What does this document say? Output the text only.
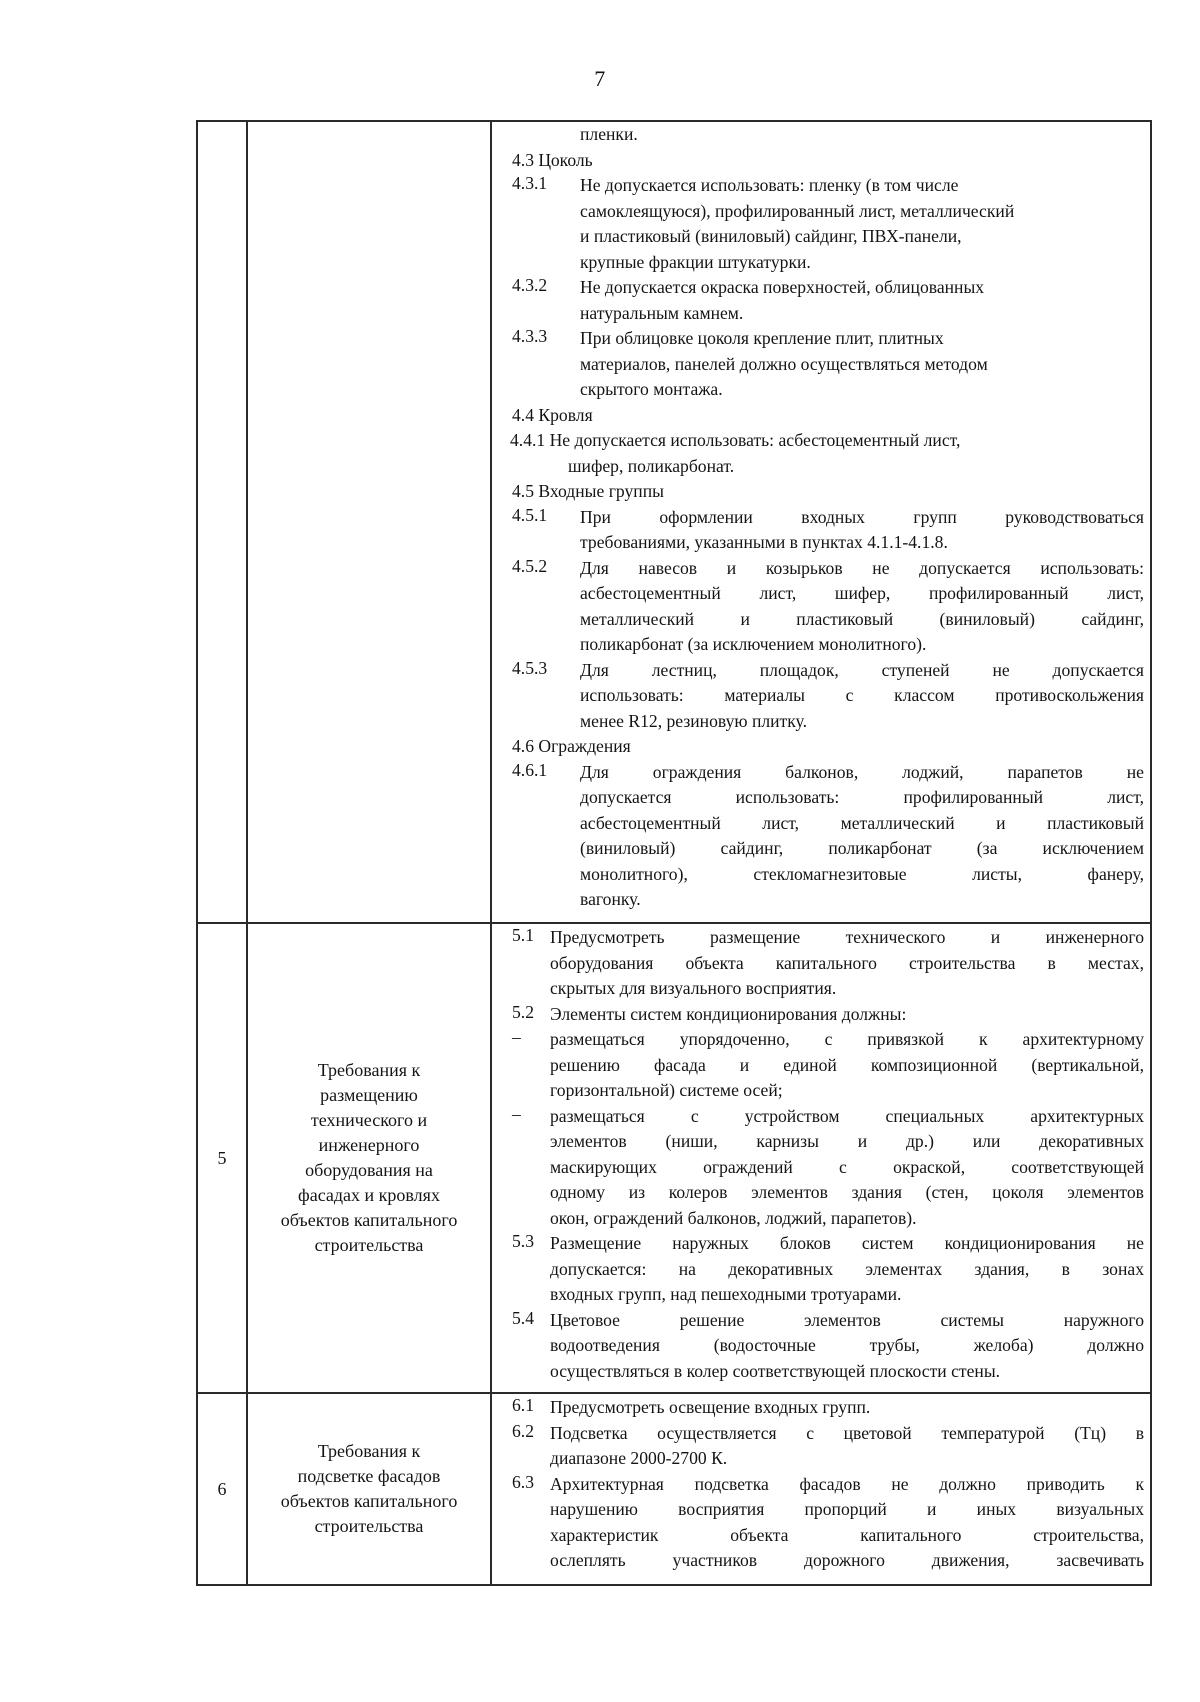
7
пленки.
4.3 Цоколь
4.3.1 Не допускается использовать: пленку (в том числе
самоклеящуюся), профилированный лист, металлический
и пластиковый (виниловый) сайдинг, ПВХ-панели,
крупные фракции штукатурки.
4.3.2 Не допускается окраска поверхностей, облицованных
натуральным камнем.
4.3.3 При облицовке цоколя крепление плит, плитных
материалов, панелей должно осуществляться методом
скрытого монтажа.
4.4 Кровля
4.4.1 Не допускается использовать: асбестоцементный лист,
шифер, поликарбонат.
4.5 Входные группы
4.5.1 При оформлении входных групп руководствоваться
требованиями, указанными в пунктах 4.1.1-4.1.8.
4.5.2 Для навесов и козырьков не допускается использовать:
асбестоцементный лист, шифер, профилированный лист,
металлический и пластиковый (виниловый) сайдинг,
поликарбонат (за исключением монолитного).
4.5.3 Для лестниц, площадок, ступеней не допускается
использовать: материалы с классом противоскольжения
менее R12, резиновую плитку.
4.6 Ограждения
4.6.1 Для ограждения балконов, лоджий, парапетов не
допускается использовать: профилированный лист,
асбестоцементный лист, металлический и пластиковый
(виниловый) сайдинг, поликарбонат (за исключением
монолитного), стекломагнезитовые листы, фанеру,
вагонку.
5
Требования к
размещению
технического и
инженерного
оборудования на
фасадах и кровлях
объектов капитального
строительства
5.1 Предусмотреть размещение технического и инженерного
оборудования объекта капитального строительства в местах,
скрытых для визуального восприятия.
5.2 Элементы систем кондиционирования должны:
– размещаться упорядоченно, с привязкой к архитектурному
решению фасада и единой композиционной (вертикальной,
горизонтальной) системе осей;
– размещаться с устройством специальных архитектурных
элементов (ниши, карнизы и др.) или декоративных
маскирующих ограждений с окраской, соответствующей
одному из колеров элементов здания (стен, цоколя элементов
окон, ограждений балконов, лоджий, парапетов).
5.3 Размещение наружных блоков систем кондиционирования не
допускается: на декоративных элементах здания, в зонах
входных групп, над пешеходными тротуарами.
5.4 Цветовое решение элементов системы наружного
водоотведения (водосточные трубы, желоба) должно
осуществляться в колер соответствующей плоскости стены.
6
Требования к
подсветке фасадов
объектов капитального
строительства
6.1 Предусмотреть освещение входных групп.
6.2 Подсветка осуществляется с цветовой температурой (Тц) в
диапазоне 2000-2700 К.
6.3 Архитектурная подсветка фасадов не должно приводить к
нарушению восприятия пропорций и иных визуальных
характеристик объекта капитального строительства,
ослеплять участников дорожного движения, засвечивать
